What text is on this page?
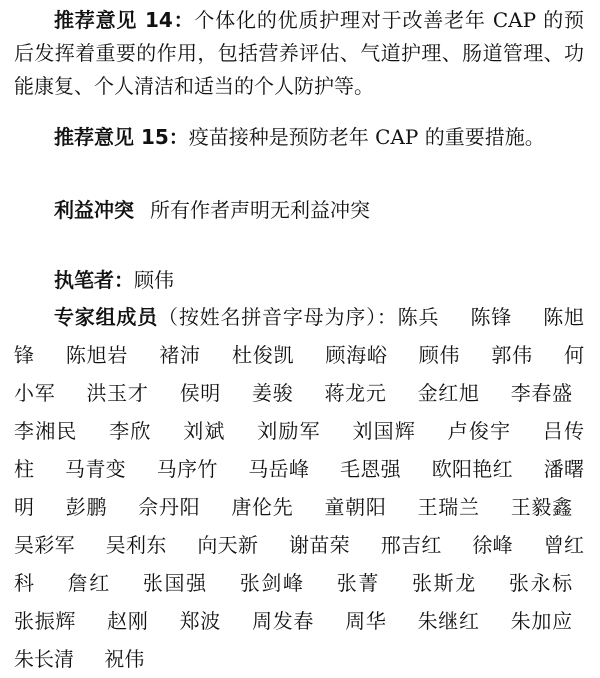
推荐意见 14：个体化的优质护理对于改善老年 CAP 的预后发挥着重要的作用，包括营养评估、气道护理、肠道管理、功能康复、个人清洁和适当的个人防护等。

推荐意见 15：疫苗接种是预防老年 CAP 的重要措施。

利益冲突 所有作者声明无利益冲突

执笔者：顾伟

专家组成员（按姓名拼音字母为序）：陈兵 陈锋 陈旭锋 陈旭岩 褚沛 杜俊凯 顾海峪 顾伟 郭伟 何小军 洪玉才 侯明 姜骏 蒋龙元 金红旭 李春盛 李湘民 李欣 刘斌 刘励军 刘国辉 卢俊宇 吕传柱 马青变 马序竹 马岳峰 毛恩强 欧阳艳红 潘曙明 彭鹏 佘丹阳 唐伦先 童朝阳 王瑞兰 王毅鑫 吴彩军 吴利东 向天新 谢苗荣 邢吉红 徐峰 曾红科 詹红 张国强 张剑峰 张菁 张斯龙 张永标 张振辉 赵刚 郑波 周发春 周华 朱继红 朱加应 朱长清 祝伟
